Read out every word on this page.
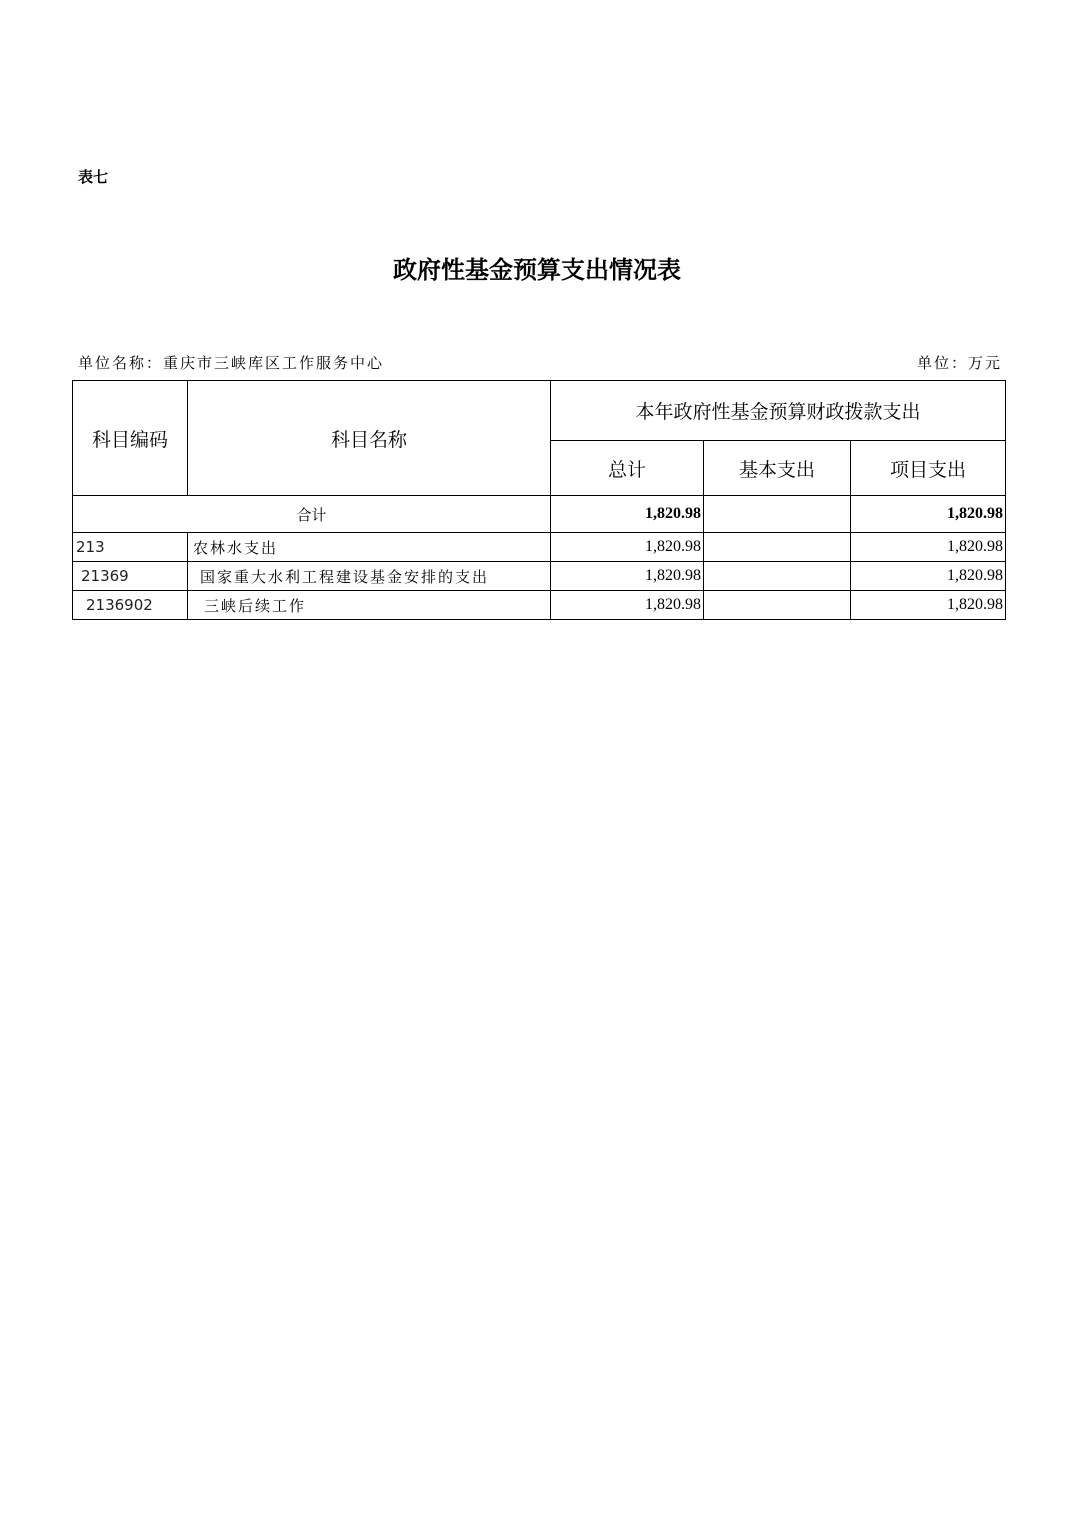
表七
政府性基金预算支出情况表
单位名称：重庆市三峡库区工作服务中心	单位：万元
科目编码	科目名称	本年政府性基金预算财政拨款支出		
		总计	基本支出	项目支出
合计		1,820.98		1,820.98
213	农林水支出	1,820.98		1,820.98
21369	国家重大水利工程建设基金安排的支出	1,820.98		1,820.98
2136902	三峡后续工作	1,820.98		1,820.98
